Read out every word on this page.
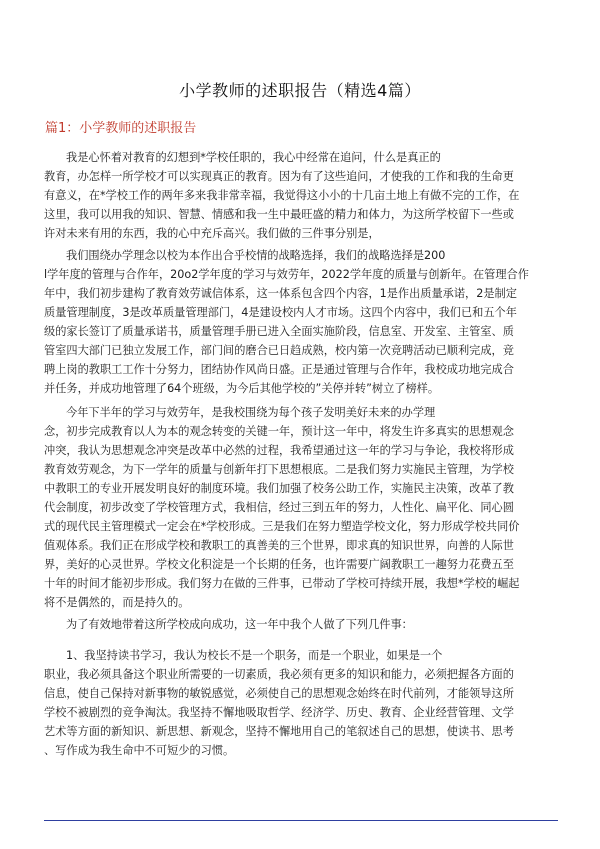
小学教师的述职报告（精选4篇）
篇1：小学教师的述职报告
我是心怀着对教育的幻想到*学校任职的，我心中经常在追问，什么是真正的
教育，办怎样一所学校才可以实现真正的教育。因为有了这些追问，才使我的工作和我的生命更
有意义，在*学校工作的两年多来我非常幸福，我觉得这小小的十几亩土地上有做不完的工作，在
这里，我可以用我的知识、智慧、情感和我一生中最旺盛的精力和体力，为这所学校留下一些或
许对未来有用的东西，我的心中充斥高兴。我们做的三件事分别是，
我们围绕办学理念以校为本作出合乎校情的战略选择，我们的战略选择是200
l学年度的管理与合作年，20o2学年度的学习与效劳年，2022学年度的质量与创新年。在管理合作
年中，我们初步建构了教育效劳诚信体系，这一体系包含四个内容，1是作出质量承诺，2是制定
质量管理制度，3是改革质量管理部门，4是建设校内人才市场。这四个内容中，我们已和五个年
级的家长签订了质量承诺书，质量管理手册已进入全面实施阶段，信息室、开发室、主管室、质
管室四大部门已独立发展工作，部门间的磨合已日趋成熟，校内第一次竞聘活动已顺利完成，竞
聘上岗的教职工工作十分努力，团结协作风尚日盛。正是通过管理与合作年，我校成功地完成合
并任务，并成功地管理了64个班级，为今后其他学校的”关停并转”树立了榜样。
今年下半年的学习与效劳年，是我校围绕为每个孩子发明美好未来的办学理
念，初步完成教育以人为本的观念转变的关键一年，预计这一年中，将发生许多真实的思想观念
冲突，我认为思想观念冲突是改革中必然的过程，我希望通过这一年的学习与争论，我校将形成
教育效劳观念，为下一学年的质量与创新年打下思想根底。二是我们努力实施民主管理，为学校
中教职工的专业开展发明良好的制度环境。我们加强了校务公助工作，实施民主决策，改革了教
代会制度，初步改变了学校管理方式，我相信，经过三到五年的努力，人性化、扁平化、同心圆
式的现代民主管理模式一定会在*学校形成。三是我们在努力塑造学校文化，努力形成学校共同价
值观体系。我们正在形成学校和教职工的真善美的三个世界，即求真的知识世界，向善的人际世
界，美好的心灵世界。学校文化积淀是一个长期的任务，也许需要广阔教职工一趣努力花费五至
十年的时间才能初步形成。我们努力在做的三件事，已带动了学校可持续开展，我想*学校的崛起
将不是偶然的，而是持久的。
为了有效地带着这所学校成向成功，这一年中我个人做了下列几件事：
1、我坚持读书学习，我认为校长不是一个职务，而是一个职业，如果是一个
职业，我必须具备这个职业所需要的一切素质，我必须有更多的知识和能力，必须把握各方面的
信息，使自己保持对新事物的敏锐感觉，必须使自己的思想观念始终在时代前列，才能领导这所
学校不被剧烈的竞争淘汰。我坚持不懈地吸取哲学、经济学、历史、教育、企业经营管理、文学
艺术等方面的新知识、新思想、新观念，坚持不懈地用自己的笔叙述自己的思想，使读书、思考
、写作成为我生命中不可短少的习惯。
